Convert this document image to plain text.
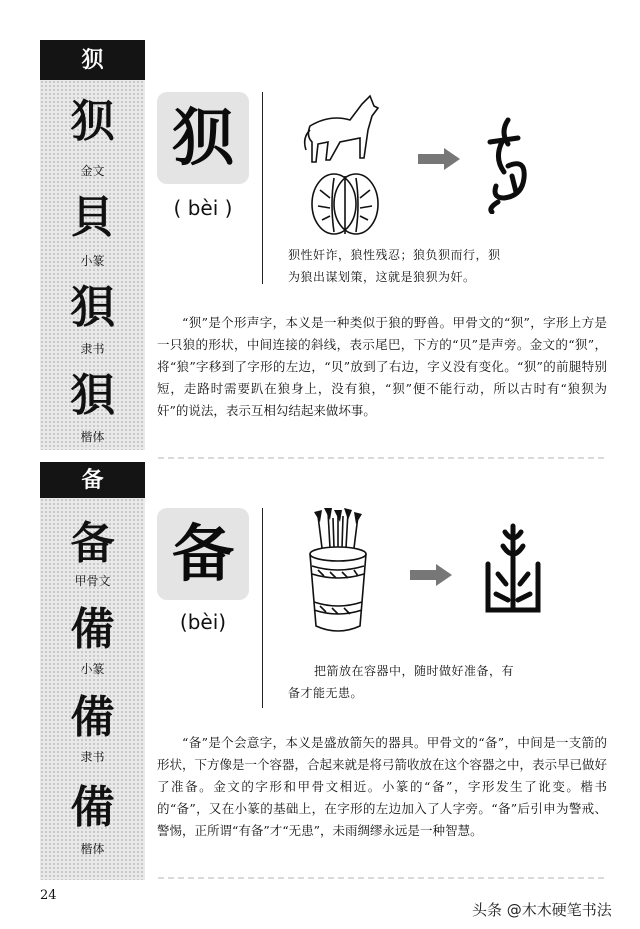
狈
狈
金文
貝
小篆
狽
隶书
狽
楷体
狈
( bèi )
狈性奸诈，狼性残忍；狼负狈而行，狈
为狼出谋划策，这就是狼狈为奸。

“狈”是个形声字，本义是一种类似于狼的野兽。甲骨文的“狈”，字形上方是一只狼的形状，中间连接的斜线，表示尾巴，下方的“贝”是声旁。金文的“狈”，将“狼”字移到了字形的左边，“贝”放到了右边，字义没有变化。“狈”的前腿特别短，走路时需要趴在狼身上，没有狼，“狈”便不能行动，所以古时有“狼狈为奸”的说法，表示互相勾结起来做坏事。

备
备
甲骨文
備
小篆
備
隶书
備
楷体
备
(bèi)
把箭放在容器中，随时做好准备，有
备才能无患。

“备”是个会意字，本义是盛放箭矢的器具。甲骨文的“备”，中间是一支箭的形状，下方像是一个容器，合起来就是将弓箭收放在这个容器之中，表示早已做好了准备。金文的字形和甲骨文相近。小篆的“备”，字形发生了讹变。楷书的“备”，又在小篆的基础上，在字形的左边加入了人字旁。“备”后引申为警戒、警惕，正所谓“有备”才“无患”，未雨绸缪永远是一种智慧。

24
头条 @木木硬笔书法
